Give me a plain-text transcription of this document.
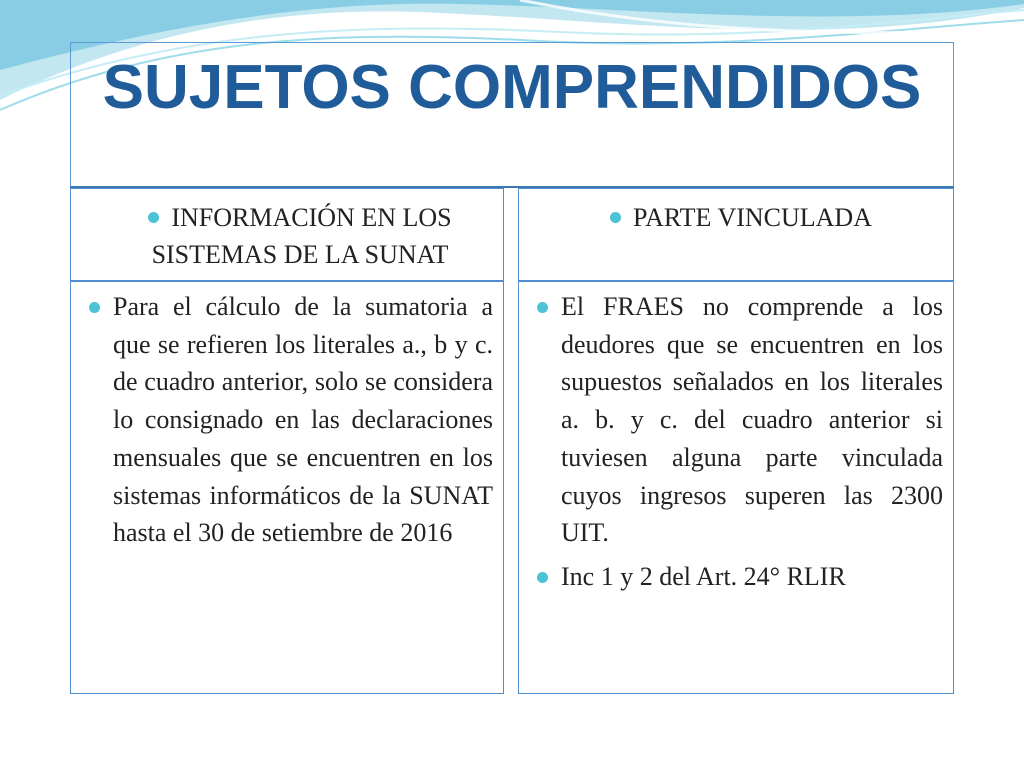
SUJETOS COMPRENDIDOS

INFORMACIÓN EN LOS SISTEMAS DE LA SUNAT

PARTE VINCULADA

Para el cálculo de la sumatoria a que se refieren los literales a., b y c. de cuadro anterior, solo se considera lo consignado en las declaraciones mensuales que se encuentren en los sistemas informáticos de la SUNAT hasta el 30 de setiembre de 2016

El FRAES no comprende a los deudores que se encuentren en los supuestos señalados en los literales a. b. y c. del cuadro anterior si tuviesen alguna parte vinculada cuyos ingresos superen las 2300 UIT.

Inc 1 y 2 del Art. 24° RLIR
